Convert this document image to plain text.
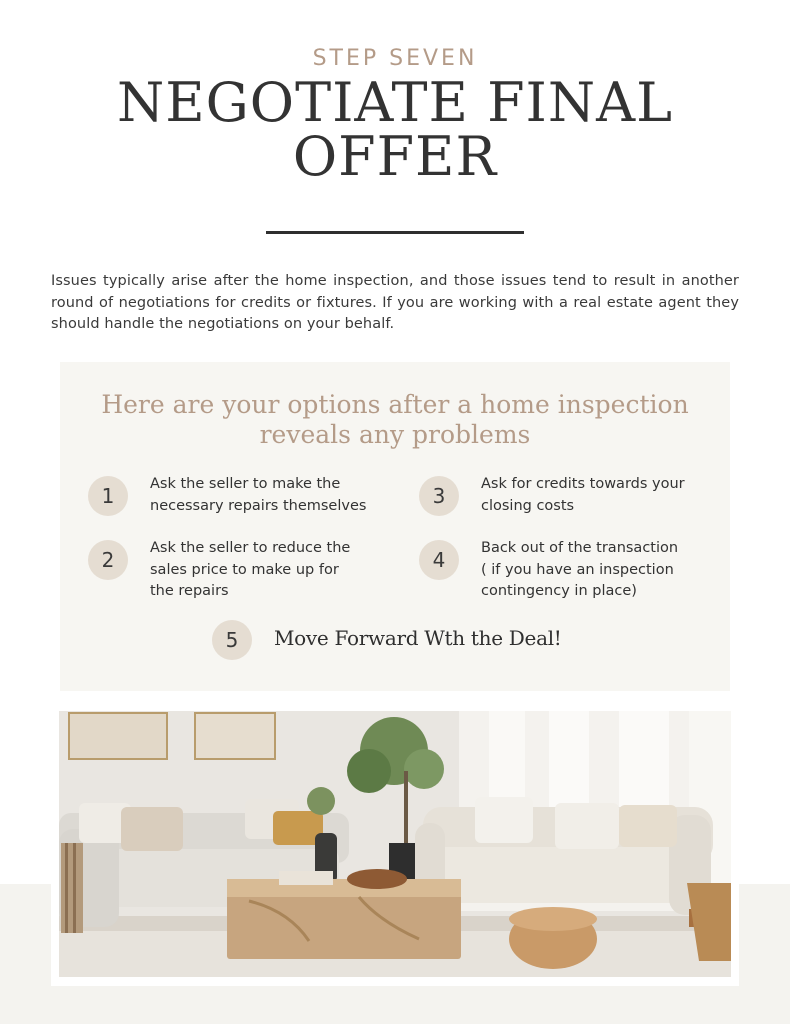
STEP SEVEN
NEGOTIATE FINAL
OFFER
Issues typically arise after the home inspection, and those issues tend to result in another round of negotiations for credits or fixtures. If you are working with a real estate agent they should handle the negotiations on your behalf.
Here are your options after a home inspection
reveals any problems
1	Ask the seller to make the
necessary repairs themselves
2	Ask the seller to reduce the
sales price to make up for
the repairs
3	Ask for credits towards your
closing costs
4	Back out of the transaction
( if you have an inspection
contingency in place)
5	Move Forward Wth the Deal!
